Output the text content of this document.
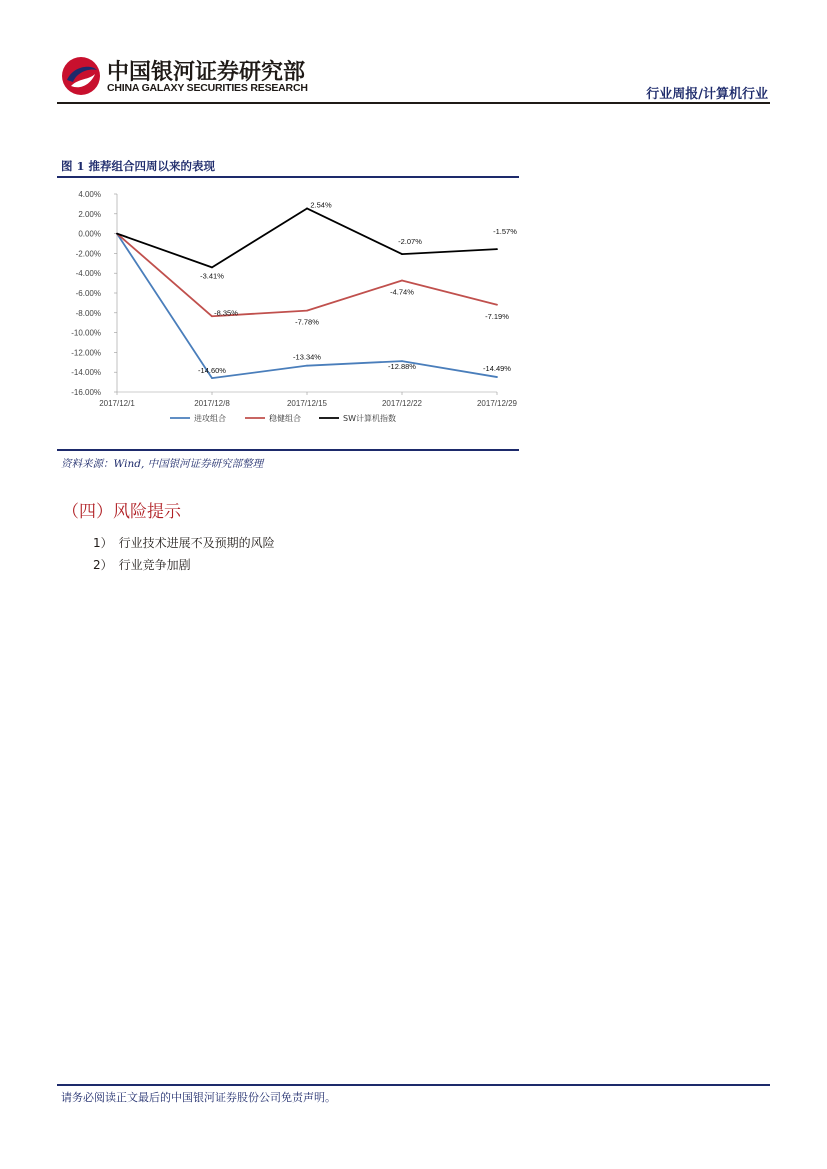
中国银河证券研究部
CHINA GALAXY SECURITIES RESEARCH	行业周报/计算机行业
图 1 推荐组合四周以来的表现
4.00%
2.00%
0.00%
-2.00%
-4.00%
-6.00%
-8.00%
-10.00%
-12.00%
-14.00%
-16.00%
2017/12/1	2017/12/8	2017/12/15	2017/12/22	2017/12/29
-14.60%
-13.34%
-12.88%	-14.49%
-8.35%
-7.78%
-4.74%
-7.19%
-3.41%
2.54%
-2.07%
-1.57%
进攻组合	稳健组合	SW计算机指数
资料来源：Wind, 中国银河证券研究部整理
（四）风险提示
1） 行业技术进展不及预期的风险
2） 行业竞争加剧
请务必阅读正文最后的中国银河证券股份公司免责声明。
